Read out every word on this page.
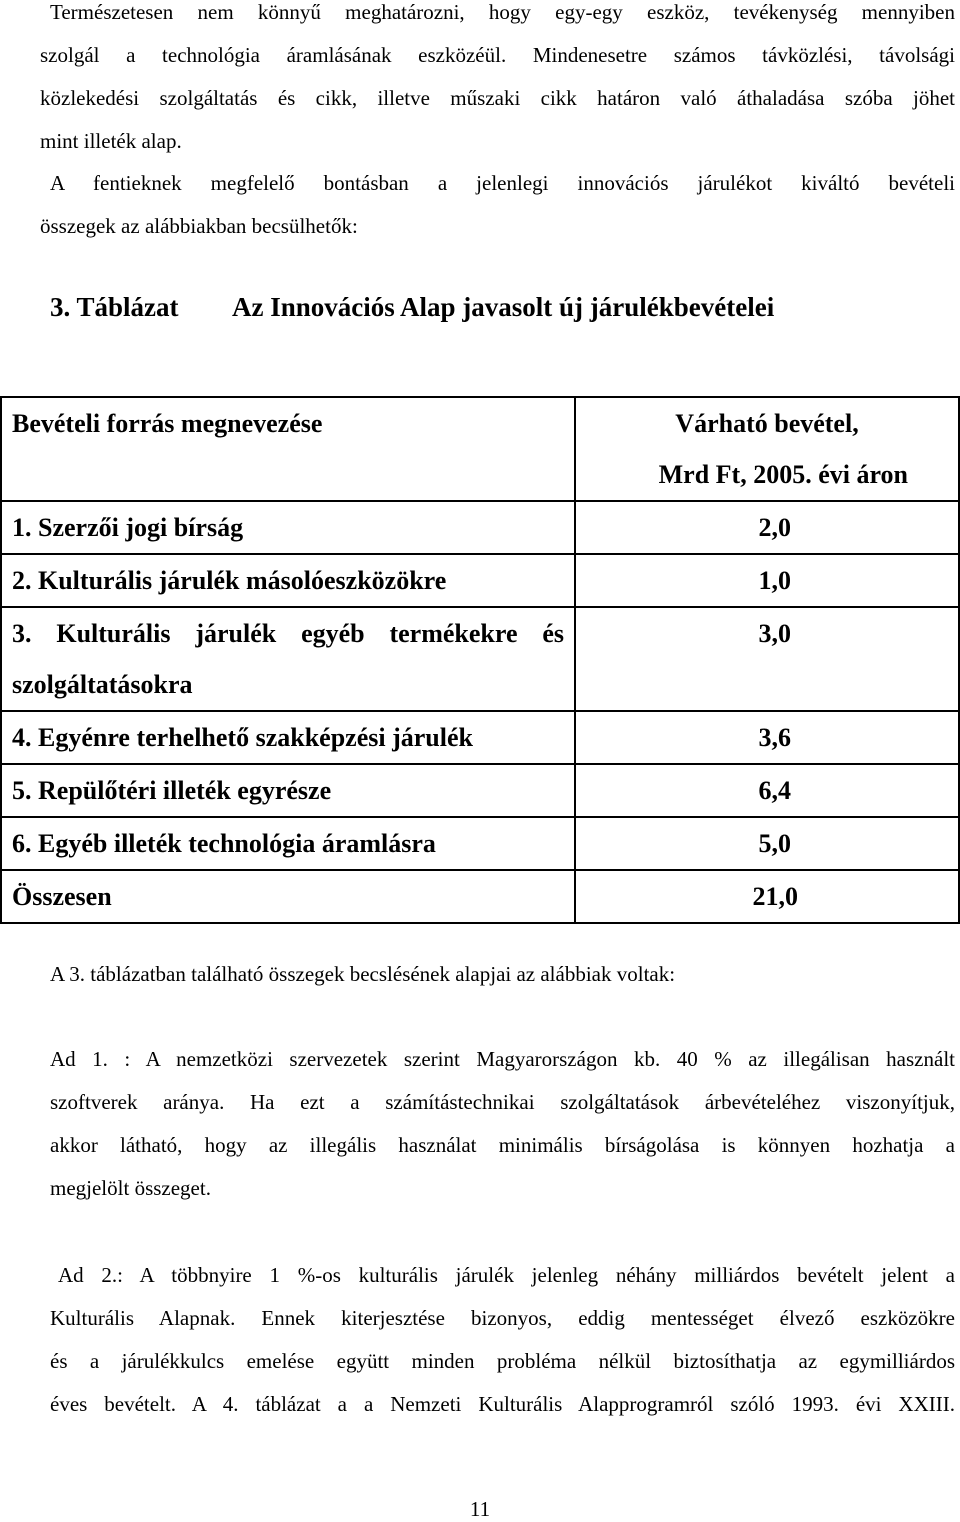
Természetesen nem könnyű meghatározni, hogy egy-egy eszköz, tevékenység mennyiben
szolgál a technológia áramlásának eszközéül. Mindenesetre számos távközlési, távolsági
közlekedési szolgáltatás és cikk, illetve műszaki cikk határon való áthaladása szóba jöhet
mint illeték alap.
A fentieknek megfelelő bontásban a jelenlegi innovációs járulékot kiváltó bevételi
összegek az alábbiakban becsülhetők:
3. Táblázat Az Innovációs Alap javasolt új járulékbevételei
Bevételi forrás megnevezése	Várható bevétel,
Mrd Ft, 2005. évi áron

1. Szerzői jogi bírság	2,0
2. Kulturális járulék másolóeszközökre	1,0

3. Kulturális járulék egyéb termékekre és
szolgáltatásokra	3,0
4. Egyénre terhelhető szakképzési járulék	3,6
5. Repülőtéri illeték egyrésze	6,4
6. Egyéb illeték technológia áramlásra	5,0
Összesen	21,0
A 3. táblázatban található összegek becslésének alapjai az alábbiak voltak:
Ad 1. : A nemzetközi szervezetek szerint Magyarországon kb. 40 % az illegálisan használt
szoftverek aránya. Ha ezt a számítástechnikai szolgáltatások árbevételéhez viszonyítjuk,
akkor látható, hogy az illegális használat minimális bírságolása is könnyen hozhatja a
megjelölt összeget.
Ad 2.: A többnyire 1 %-os kulturális járulék jelenleg néhány milliárdos bevételt jelent a
Kulturális Alapnak. Ennek kiterjesztése bizonyos, eddig mentességet élvező eszközökre
és a járulékkulcs emelése együtt minden probléma nélkül biztosíthatja az egymilliárdos
éves bevételt. A 4. táblázat a a Nemzeti Kulturális Alapprogramról szóló 1993. évi XXIII.
11
